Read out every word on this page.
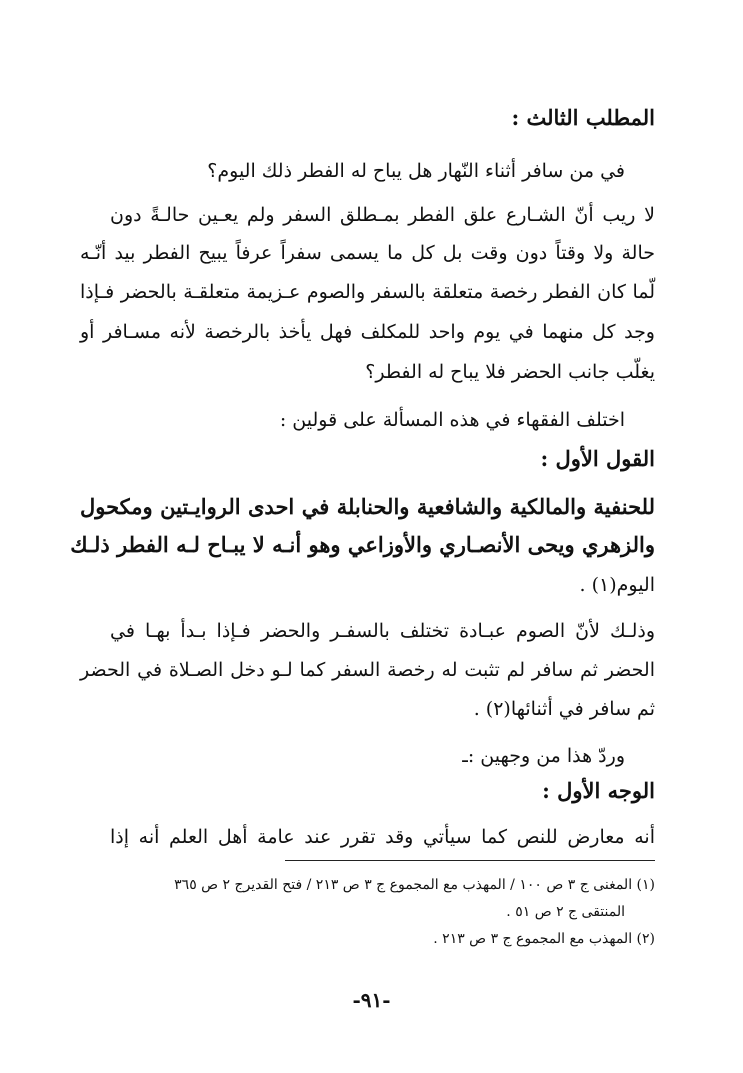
المطلب الثالث :

في من سافر أثناء النّهار هل يباح له الفطر ذلك اليوم؟

لا ريب أنّ الشـارع علق الفطر بمـطلق السفر ولم يعـين حالـةً دون

حالة ولا وقتاً دون وقت بل كل ما يسمى سفراً عرفاً يبيح الفطر بيد أنّـه

لّما كان الفطر رخصة متعلقة بالسفر والصوم عـزيمة متعلقـة بالحضر فـإذا

وجد كل منهما في يوم واحد للمكلف فهل يأخذ بالرخصة لأنه مسـافر أو

يغلّب جانب الحضر فلا يباح له الفطر؟

اختلف الفقهاء في هذه المسألة على قولين :

القول الأول :

للحنفية والمالكية والشافعية والحنابلة في احدى الروايـتين ومكحول

والزهري ويحى الأنصـاري والأوزاعي وهو أنـه لا يبـاح لـه الفطر ذلـك

اليوم(١) .

وذلـك لأنّ الصوم عبـادة تختلف بالسفـر والحضر فـإذا بـدأ بهـا في

الحضر ثم سافر لم تثبت له رخصة السفر كما لـو دخل الصـلاة في الحضر

ثم سافر في أثنائها(٢) .

وردّ هذا من وجهين :ـ

الوجه الأول :

أنه معارض للنص كما سيأتي وقد تقرر عند عامة أهل العلم أنه إذا

(١) المغنى ج ٣ ص ١٠٠ / المهذب مع المجموع ج ٣ ص ٢١٣ / فتح القديرج ٢ ص ٣٦٥

المنتقى ج ٢ ص ٥١ .

(٢) المهذب مع المجموع ج ٣ ص ٢١٣ .

-٩١-
